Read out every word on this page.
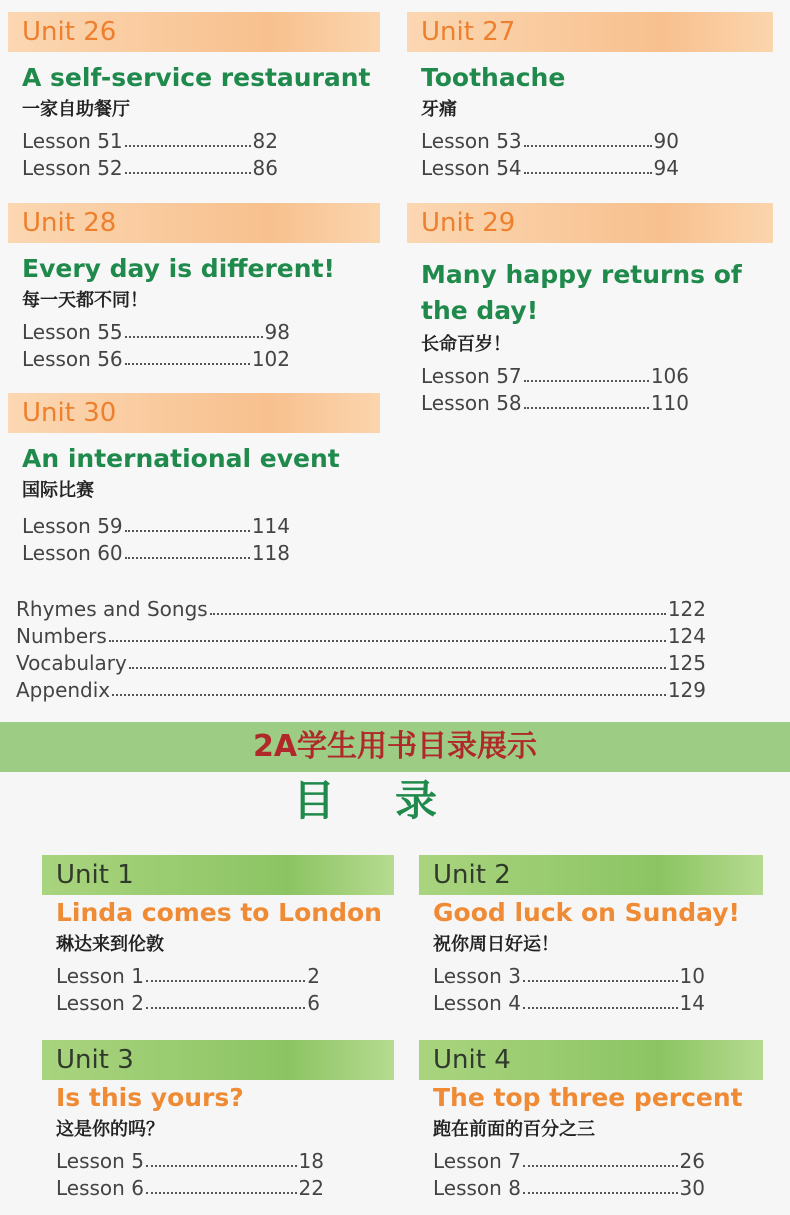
Unit 26
A self-service restaurant
一家自助餐厅
Lesson 51	82
Lesson 52	86
Unit 27
Toothache
牙痛
Lesson 53	90
Lesson 54	94
Unit 28
Every day is different!
每一天都不同！
Lesson 55	98
Lesson 56	102
Unit 29
Many happy returns of the day!
长命百岁！
Lesson 57	106
Lesson 58	110
Unit 30
An international event
国际比赛
Lesson 59	114
Lesson 60	118
Rhymes and Songs	122
Numbers	124
Vocabulary	125
Appendix	129
2A学生用书目录展示
目录
Unit 1
Linda comes to London
琳达来到伦敦
Lesson 1	2
Lesson 2	6
Unit 2
Good luck on Sunday!
祝你周日好运！
Lesson 3	10
Lesson 4	14
Unit 3
Is this yours?
这是你的吗？
Lesson 5	18
Lesson 6	22
Unit 4
The top three percent
跑在前面的百分之三
Lesson 7	26
Lesson 8	30
